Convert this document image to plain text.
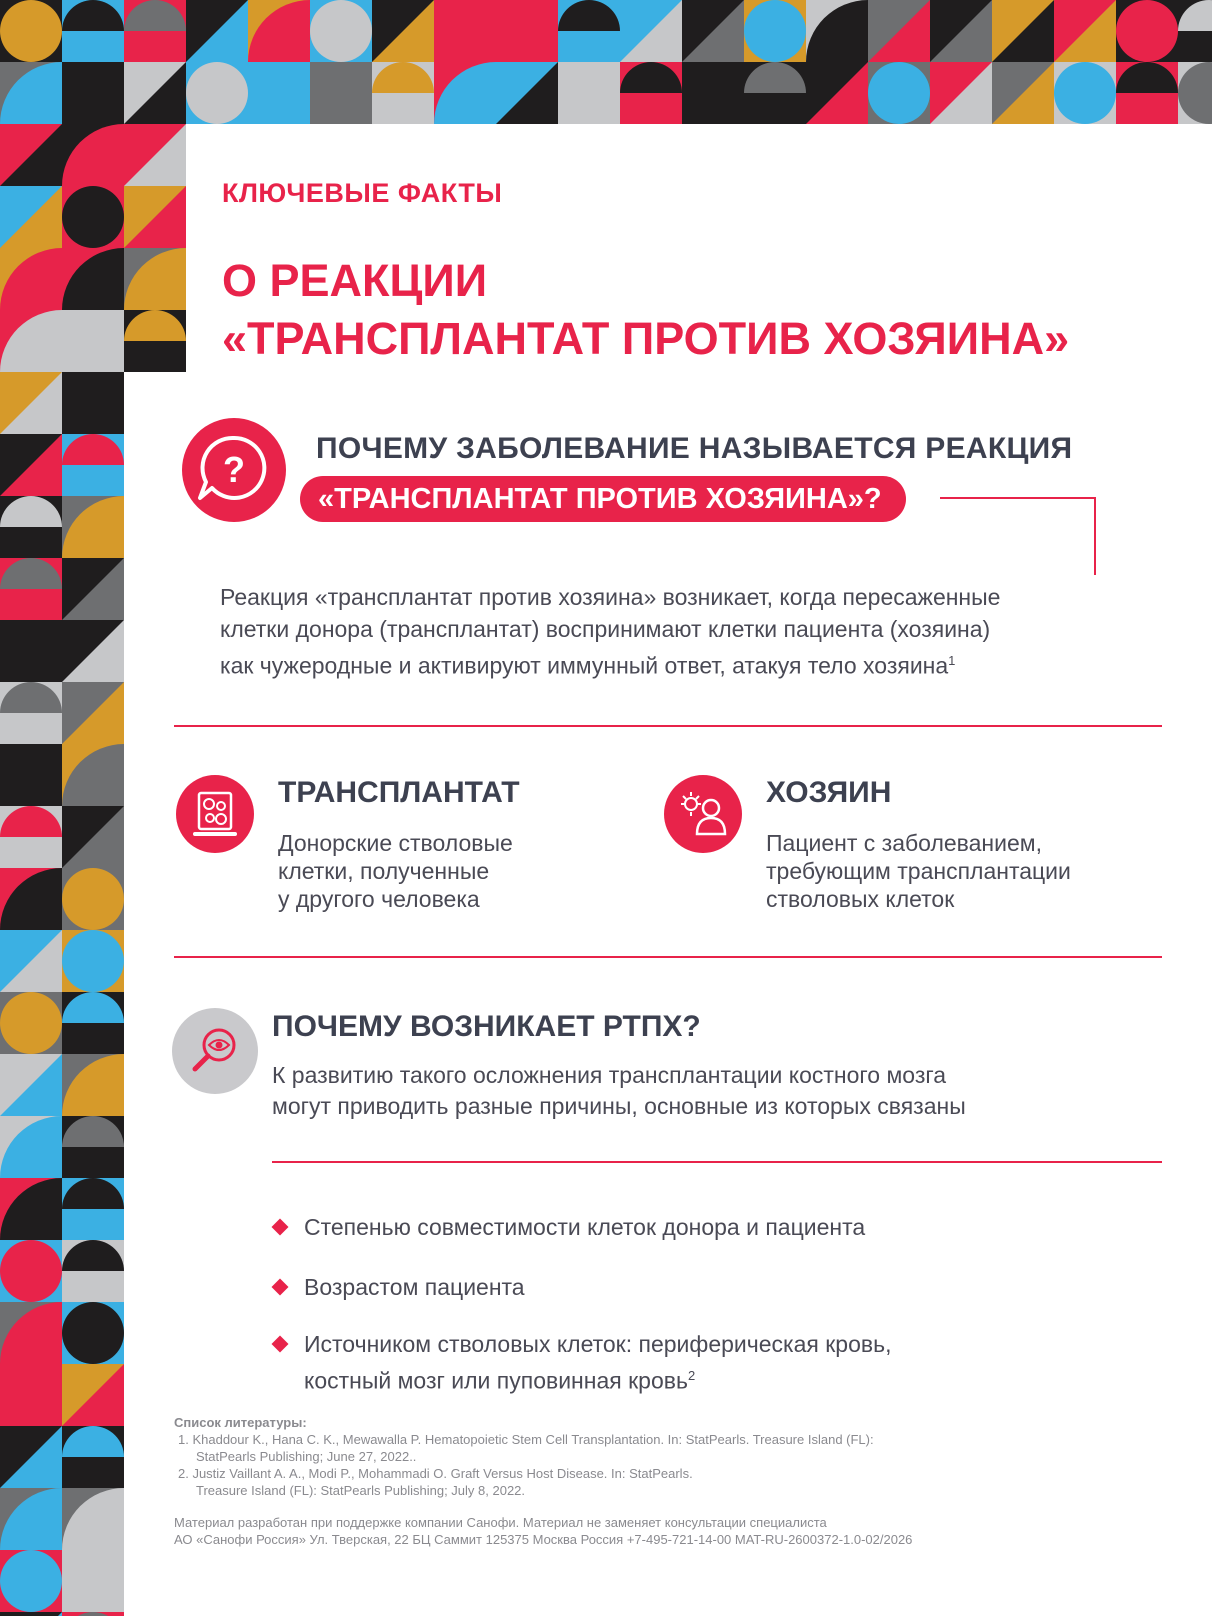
КЛЮЧЕВЫЕ ФАКТЫ
О РЕАКЦИИ
«ТРАНСПЛАНТАТ ПРОТИВ ХОЗЯИНА»
?
ПОЧЕМУ ЗАБОЛЕВАНИЕ НАЗЫВАЕТСЯ РЕАКЦИЯ
«ТРАНСПЛАНТАТ ПРОТИВ ХОЗЯИНА»?
Реакция «трансплантат против хозяина» возникает, когда пересаженные
клетки донора (трансплантат) воспринимают клетки пациента (хозяина)
как чужеродные и активируют иммунный ответ, атакуя тело хозяина$^1$
ТРАНСПЛАНТАТ
Донорские стволовые
клетки, полученные
у другого человека
ХОЗЯИН
Пациент с заболеванием,
требующим трансплантации
стволовых клеток
ПОЧЕМУ ВОЗНИКАЕТ РТПХ?
К развитию такого осложнения трансплантации костного мозга
могут приводить разные причины, основные из которых связаны
Степенью совместимости клеток донора и пациента
Возрастом пациента
Источником стволовых клеток: периферическая кровь,
костный мозг или пуповинная кровь$^2$
Список литературы:
1. Khaddour K., Hana C. K., Mewawalla P. Hematopoietic Stem Cell Transplantation. In: StatPearls. Treasure Island (FL):
StatPearls Publishing; June 27, 2022..
2. Justiz Vaillant A. A., Modi P., Mohammadi O. Graft Versus Host Disease. In: StatPearls.
Treasure Island (FL): StatPearls Publishing; July 8, 2022.
Материал разработан при поддержке компании Санофи. Материал не заменяет консультации специалиста
АО «Санофи Россия» Ул. Тверская, 22 БЦ Саммит 125375 Москва Россия +7-495-721-14-00 MAT-RU-2600372-1.0-02/2026
